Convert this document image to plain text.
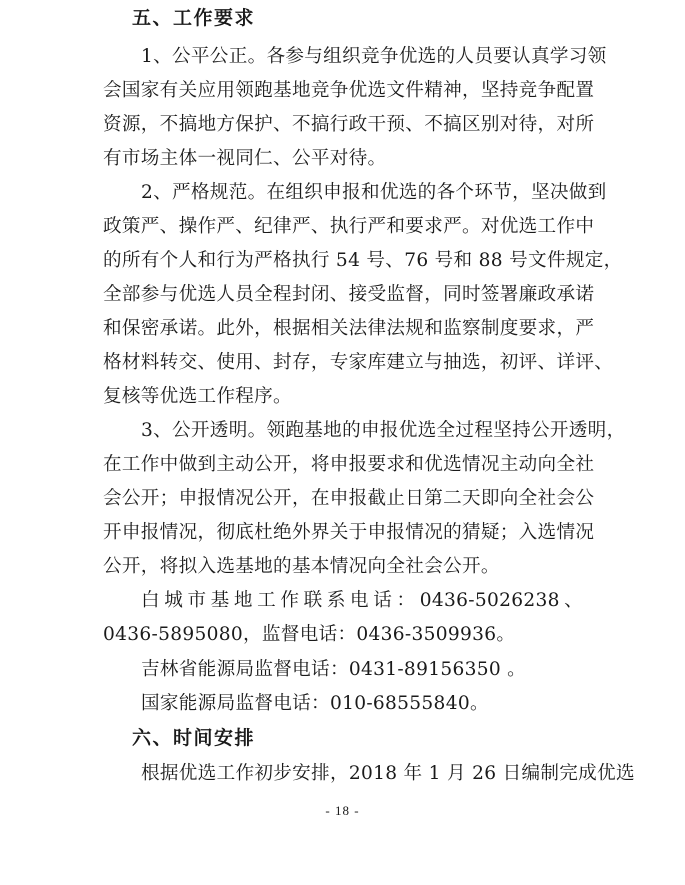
五、工作要求
1、公平公正。各参与组织竞争优选的人员要认真学习领
会国家有关应用领跑基地竞争优选文件精神，坚持竞争配置
资源，不搞地方保护、不搞行政干预、不搞区别对待，对所
有市场主体一视同仁、公平对待。
2、严格规范。在组织申报和优选的各个环节，坚决做到
政策严、操作严、纪律严、执行严和要求严。对优选工作中
的所有个人和行为严格执行 54 号、76 号和 88 号文件规定，
全部参与优选人员全程封闭、接受监督，同时签署廉政承诺
和保密承诺。此外，根据相关法律法规和监察制度要求，严
格材料转交、使用、封存，专家库建立与抽选，初评、详评、
复核等优选工作程序。
3、公开透明。领跑基地的申报优选全过程坚持公开透明，
在工作中做到主动公开，将申报要求和优选情况主动向全社
会公开；申报情况公开，在申报截止日第二天即向全社会公
开申报情况，彻底杜绝外界关于申报情况的猜疑；入选情况
公开，将拟入选基地的基本情况向全社会公开。
白城市基地工作联系电话：0436-5026238、
0436-5895080，监督电话：0436-3509936。
吉林省能源局监督电话：0431-89156350 。
国家能源局监督电话：010-68555840。
六、时间安排
根据优选工作初步安排，2018 年 1 月 26 日编制完成优选
- 18 -
